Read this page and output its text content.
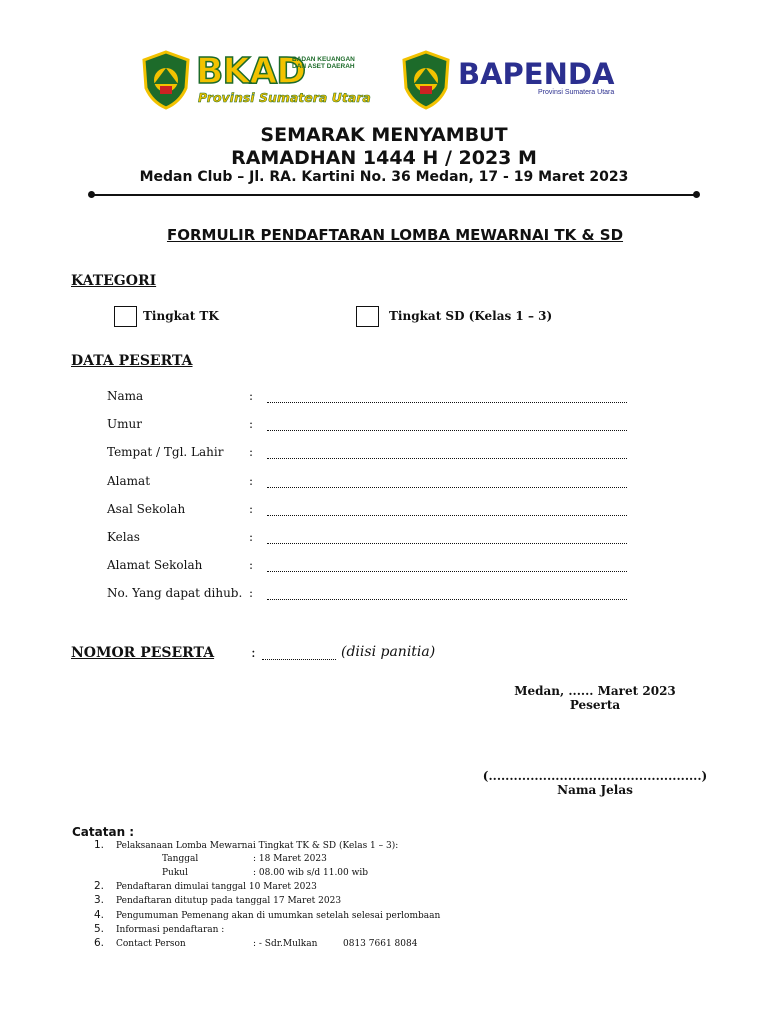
BKAD
BADAN KEUANGAN DAN ASET DAERAH
Provinsi Sumatera Utara
BAPENDA
Provinsi Sumatera Utara
SEMARAK MENYAMBUT
RAMADHAN 1444 H / 2023 M
Medan Club – Jl. RA. Kartini No. 36 Medan, 17 - 19 Maret 2023
FORMULIR PENDAFTARAN LOMBA MEWARNAI TK & SD
KATEGORI
Tingkat TK	Tingkat SD (Kelas 1 – 3)
DATA PESERTA
Nama	:
Umur	:
Tempat / Tgl. Lahir :
Alamat	:
Asal Sekolah	:
Kelas	:
Alamat Sekolah	:
No. Yang dapat dihub. :
NOMOR PESERTA	:	(diisi panitia)
Medan, ...... Maret 2023
Peserta
(...................................................)
Nama Jelas
Catatan :
1. Pelaksanaan Lomba Mewarnai Tingkat TK & SD (Kelas 1 – 3):
Tanggal	: 18 Maret 2023
Pukul	: 08.00 wib s/d 11.00 wib
2. Pendaftaran dimulai tanggal 10 Maret 2023
3. Pendaftaran ditutup pada tanggal 17 Maret 2023
4. Pengumuman Pemenang akan di umumkan setelah selesai perlombaan
5. Informasi pendaftaran :
6. Contact Person	: - Sdr.Mulkan	0813 7661 8084
